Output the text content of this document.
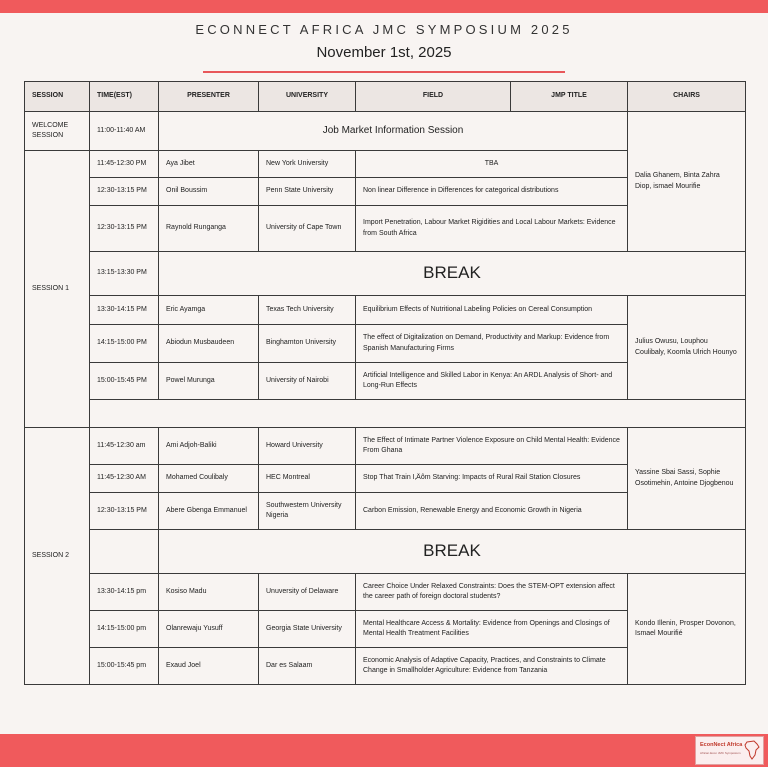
ECONNECT AFRICA JMC SYMPOSIUM 2025
November 1st, 2025
SESSION	TIME(EST)	PRESENTER	UNIVERSITY	FIELD	JMP TITLE	CHAIRS
WELCOME SESSION	11:00-11:40 AM	Job Market Information Session				Dalia Ghanem, Binta Zahra Diop, ismael Mourifie
SESSION 1	11:45-12:30 PM	Aya Jibet	New York University	TBA		
	12:30-13:15 PM	Onil Boussim	Penn State University	Non linear Difference in Differences for categorical distributions		
	12:30-13:15 PM	Raynold Runganga	University of Cape Town	Import Penetration, Labour Market Rigidities and Local Labour Markets: Evidence from South Africa		
	13:15-13:30 PM	BREAK				
	13:30-14:15 PM	Eric Ayamga	Texas Tech University	Equilibrium Effects of Nutritional Labeling Policies on Cereal Consumption		Julius Owusu, Louphou Coulibaly, Koomla Ulrich Hounyo
	14:15-15:00 PM	Abiodun Musbaudeen	Binghamton University	The effect of Digitalization on Demand, Productivity and Markup: Evidence from Spanish Manufacturing Firms		
	15:00-15:45 PM	Powel Murunga	University of Nairobi	Artificial Intelligence and Skilled Labor in Kenya: An ARDL Analysis of Short- and Long-Run Effects		

SESSION 2	11:45-12:30 am	Ami Adjoh-Baliki	Howard University	The Effect of Intimate Partner Violence Exposure on Child Mental Health: Evidence From Ghana		Yassine Sbai Sassi, Sophie Osotimehin, Antoine Djogbenou
	11:45-12:30 AM	Mohamed Coulibaly	HEC Montreal	Stop That Train I‚Äôm Starving: Impacts of Rural Rail Station Closures		
	12:30-13:15 PM	Abere Gbenga Emmanuel	Southwestern University Nigeria	Carbon Emission, Renewable Energy and Economic Growth in Nigeria		
		BREAK				
	13:30-14:15 pm	Kosiso Madu	Unuversity of Delaware	Career Choice Under Relaxed Constraints: Does the STEM-OPT extension affect the career path of foreign doctoral students?		Kondo Illenin, Prosper Dovonon, Ismael Mourifié
	14:15-15:00 pm	Olanrewaju Yusuff	Georgia State University	Mental Healthcare Access & Mortality: Evidence from Openings and Closings of Mental Health Treatment Facilities		
	15:00-15:45 pm	Exaud Joel	Dar es Salaam	Economic Analysis of Adaptive Capacity, Practices, and Constraints to Climate Change in Smallholder Agriculture: Evidence from Tanzania		
EconNect Africa
African Econ JMC Symposium
